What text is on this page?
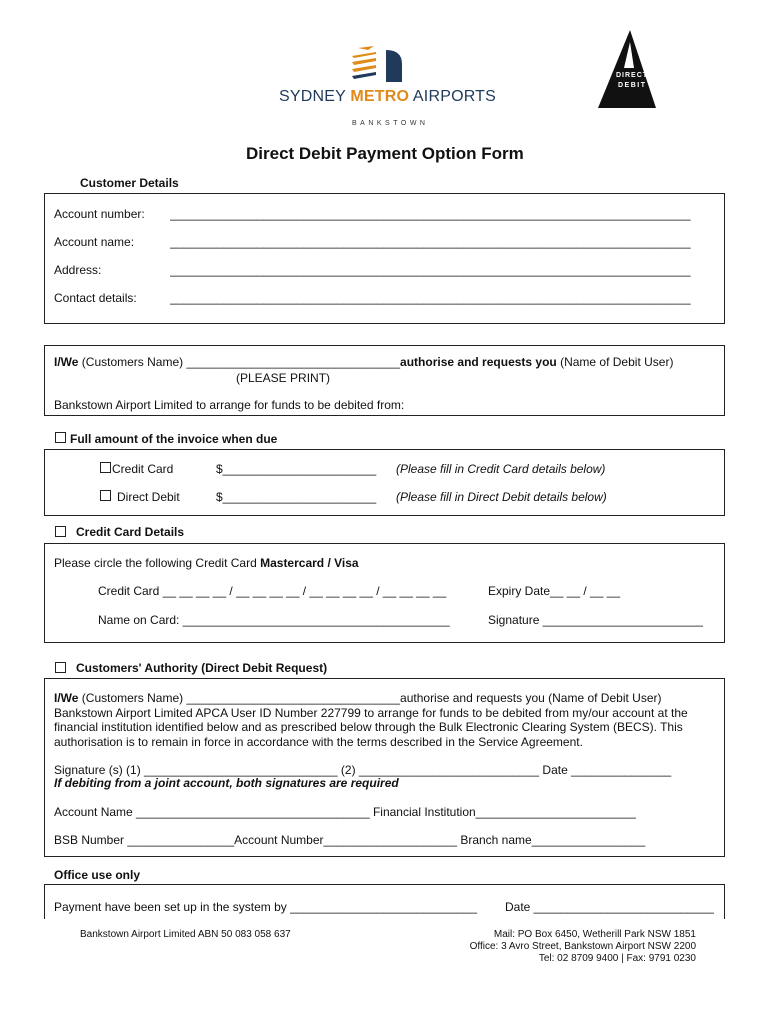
SYDNEY METRO AIRPORTS
BANKSTOWN
DIRECT
DEBIT
Direct Debit Payment Option Form
Customer Details
Account number: ______________________________________________________________________________
Account name:	______________________________________________________________________________
Address:	______________________________________________________________________________
Contact details:	______________________________________________________________________________
I/We (Customers Name) ________________________________authorise and requests you (Name of Debit User)
(PLEASE PRINT)
Bankstown Airport Limited to arrange for funds to be debited from:
Full amount of the invoice when due
Credit Card	$_______________________ (Please fill in Credit Card details below)
Direct Debit	$_______________________ (Please fill in Direct Debit details below)
Credit Card Details
Please circle the following Credit Card Mastercard / Visa
Credit Card __ __ __ __ / __ __ __ __ / __ __ __ __ / __ __ __ __	Expiry Date__ __ / __ __
Name on Card: ________________________________________	Signature ________________________
Customers' Authority (Direct Debit Request)
I/We (Customers Name) ________________________________authorise and requests you (Name of Debit User)
Bankstown Airport Limited APCA User ID Number 227799 to arrange for funds to be debited from my/our account at the
financial institution identified below and as prescribed below through the Bulk Electronic Clearing System (BECS). This
authorisation is to remain in force in accordance with the terms described in the Service Agreement.
Signature (s) (1) _____________________________ (2) ___________________________ Date _______________
If debiting from a joint account, both signatures are required
Account Name ___________________________________ Financial Institution________________________
BSB Number ________________Account Number____________________ Branch name_________________
Office use only
Payment have been set up in the system by ____________________________ Date ___________________________
Bankstown Airport Limited ABN 50 083 058 637	Mail: PO Box 6450, Wetherill Park NSW 1851
Office: 3 Avro Street, Bankstown Airport NSW 2200
Tel: 02 8709 9400 | Fax: 9791 0230
